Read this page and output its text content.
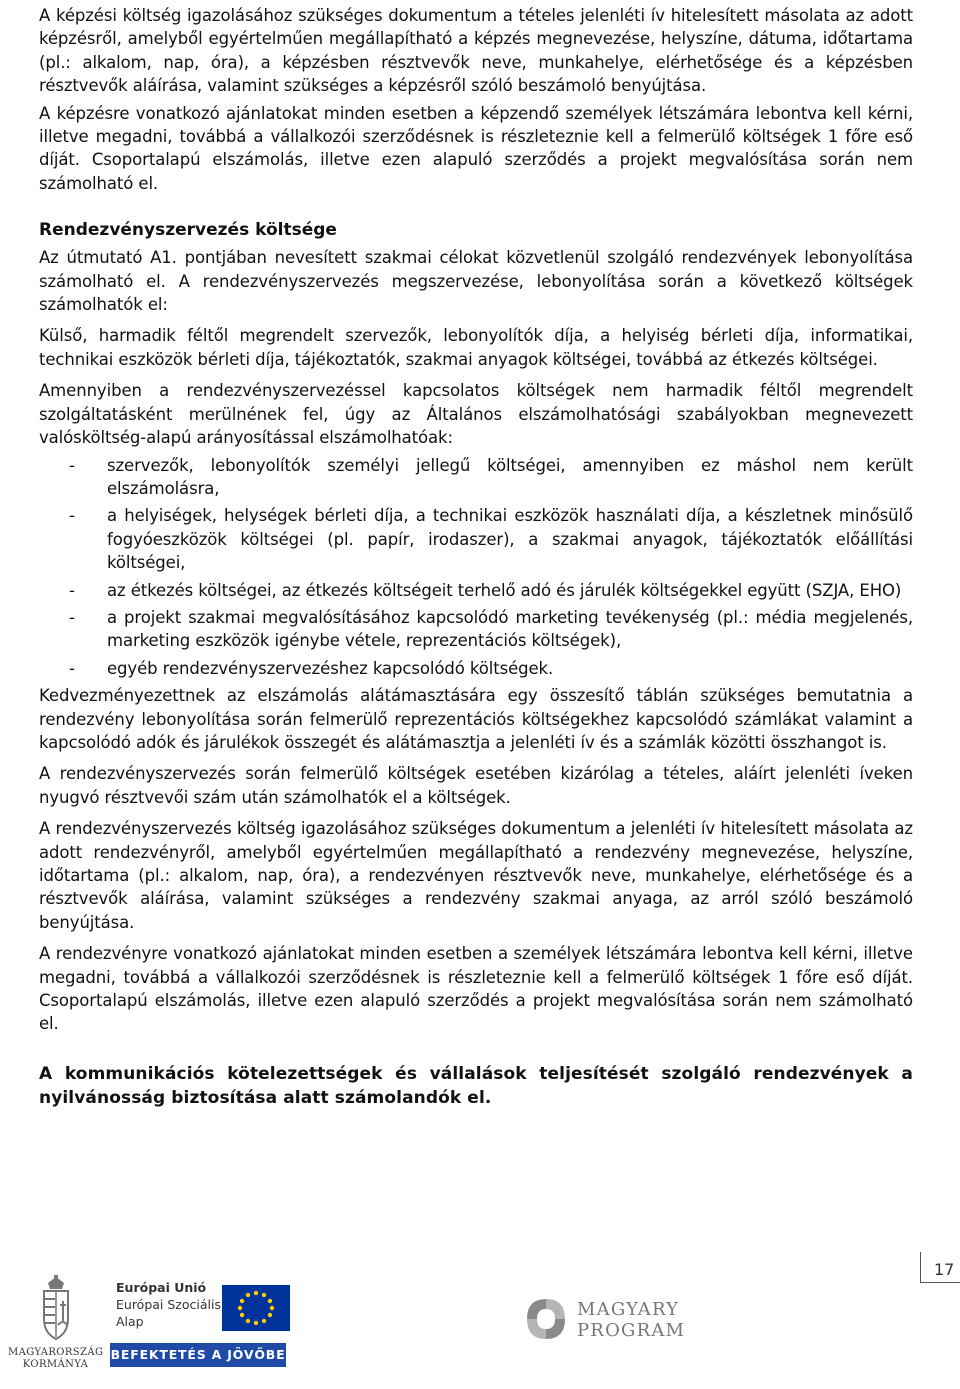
A képzési költség igazolásához szükséges dokumentum a tételes jelenléti ív hitelesített másolata az adott képzésről, amelyből egyértelműen megállapítható a képzés megnevezése, helyszíne, dátuma, időtartama (pl.: alkalom, nap, óra), a képzésben résztvevők neve, munkahelye, elérhetősége és a képzésben résztvevők aláírása, valamint szükséges a képzésről szóló beszámoló benyújtása.

A képzésre vonatkozó ajánlatokat minden esetben a képzendő személyek létszámára lebontva kell kérni, illetve megadni, továbbá a vállalkozói szerződésnek is részleteznie kell a felmerülő költségek 1 főre eső díját. Csoportalapú elszámolás, illetve ezen alapuló szerződés a projekt megvalósítása során nem számolható el.

Rendezvényszervezés költsége

Az útmutató A1. pontjában nevesített szakmai célokat közvetlenül szolgáló rendezvények lebonyolítása számolható el. A rendezvényszervezés megszervezése, lebonyolítása során a következő költségek számolhatók el:

Külső, harmadik féltől megrendelt szervezők, lebonyolítók díja, a helyiség bérleti díja, informatikai, technikai eszközök bérleti díja, tájékoztatók, szakmai anyagok költségei, továbbá az étkezés költségei.

Amennyiben a rendezvényszervezéssel kapcsolatos költségek nem harmadik féltől megrendelt szolgáltatásként merülnének fel, úgy az Általános elszámolhatósági szabályokban megnevezett valósköltség-alapú arányosítással elszámolhatóak:

- szervezők, lebonyolítók személyi jellegű költségei, amennyiben ez máshol nem került elszámolásra,
- a helyiségek, helységek bérleti díja, a technikai eszközök használati díja, a készletnek minősülő fogyóeszközök költségei (pl. papír, irodaszer), a szakmai anyagok, tájékoztatók előállítási költségei,
- az étkezés költségei, az étkezés költségeit terhelő adó és járulék költségekkel együtt (SZJA, EHO)
- a projekt szakmai megvalósításához kapcsolódó marketing tevékenység (pl.: média megjelenés, marketing eszközök igénybe vétele, reprezentációs költségek),
- egyéb rendezvényszervezéshez kapcsolódó költségek.

Kedvezményezettnek az elszámolás alátámasztására egy összesítő táblán szükséges bemutatnia a rendezvény lebonyolítása során felmerülő reprezentációs költségekhez kapcsolódó számlákat valamint a kapcsolódó adók és járulékok összegét és alátámasztja a jelenléti ív és a számlák közötti összhangot is.

A rendezvényszervezés során felmerülő költségek esetében kizárólag a tételes, aláírt jelenléti íveken nyugvó résztvevői szám után számolhatók el a költségek.

A rendezvényszervezés költség igazolásához szükséges dokumentum a jelenléti ív hitelesített másolata az adott rendezvényről, amelyből egyértelműen megállapítható a rendezvény megnevezése, helyszíne, időtartama (pl.: alkalom, nap, óra), a rendezvényen résztvevők neve, munkahelye, elérhetősége és a résztvevők aláírása, valamint szükséges a rendezvény szakmai anyaga, az arról szóló beszámoló benyújtása.

A rendezvényre vonatkozó ajánlatokat minden esetben a személyek létszámára lebontva kell kérni, illetve megadni, továbbá a vállalkozói szerződésnek is részleteznie kell a felmerülő költségek 1 főre eső díját. Csoportalapú elszámolás, illetve ezen alapuló szerződés a projekt megvalósítása során nem számolható el.

A kommunikációs kötelezettségek és vállalások teljesítését szolgáló rendezvények a nyilvánosság biztosítása alatt számolandók el.

17
MAGYARORSZÁG
KORMÁNYA
Európai Unió
Európai Szociális
Alap
BEFEKTETÉS A JÖVŐBE
MAGYARY
PROGRAM
